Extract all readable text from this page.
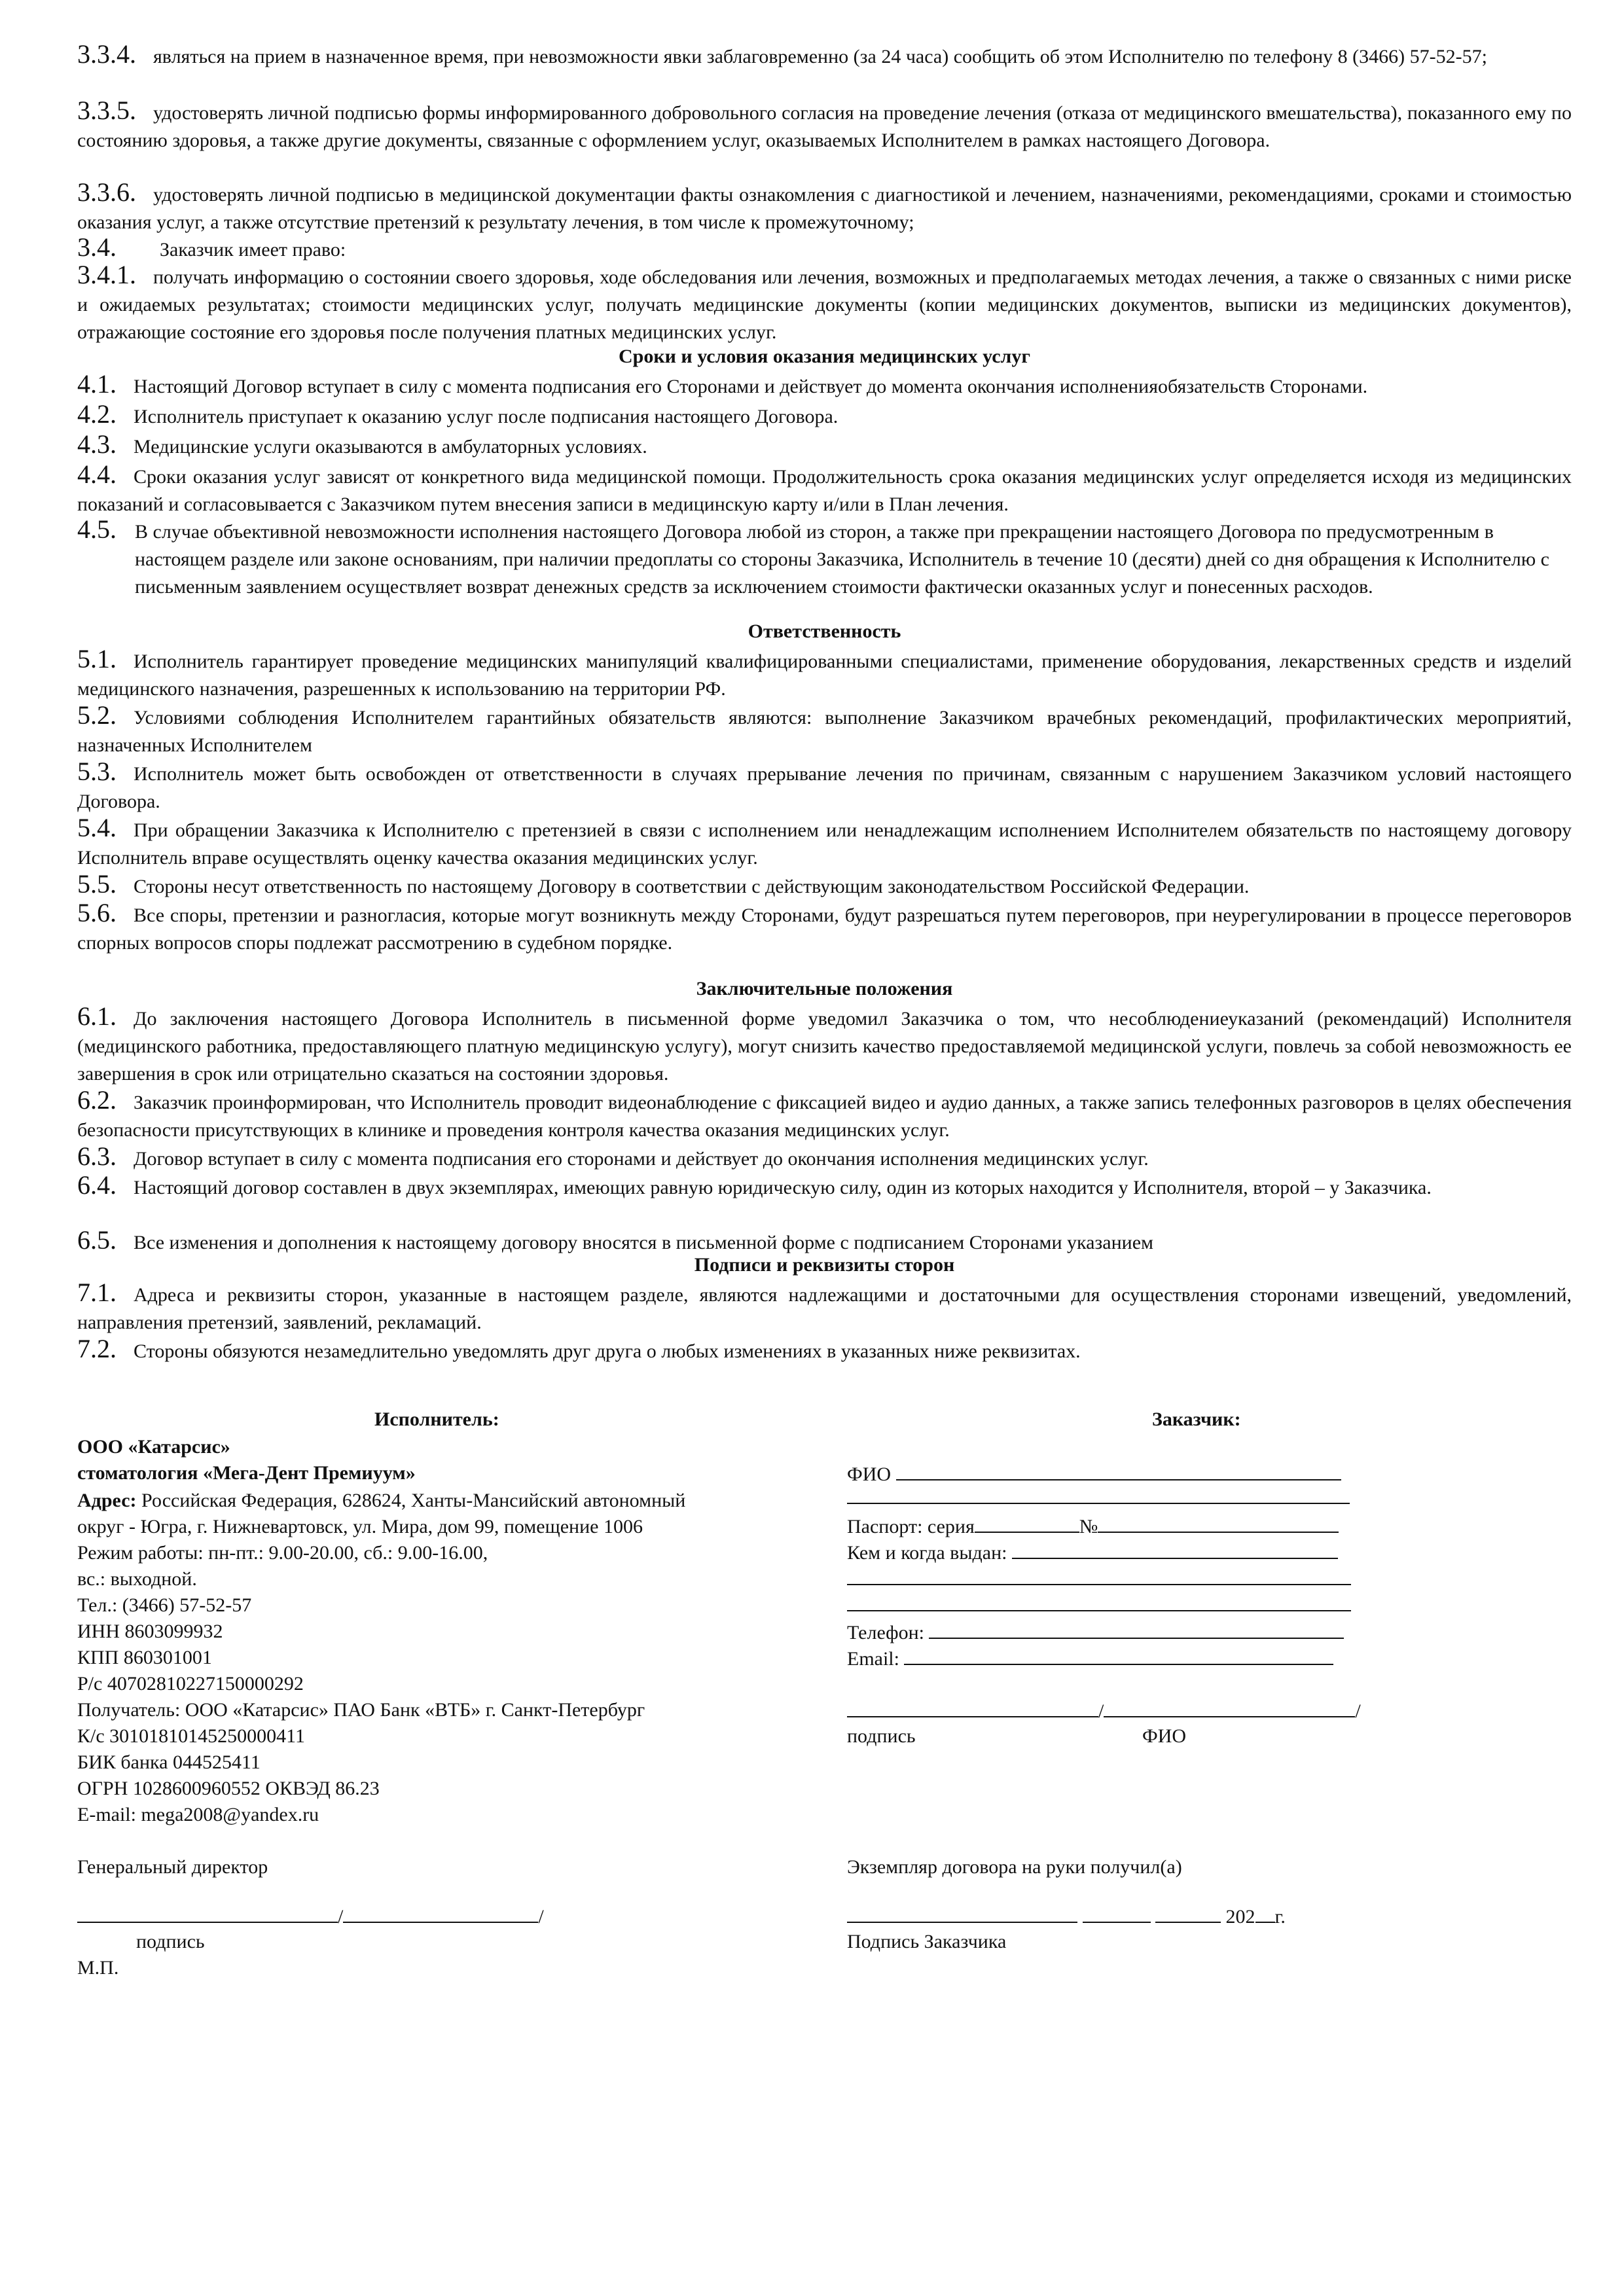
3.3.4. являться на прием в назначенное время, при невозможности явки заблаговременно (за 24 часа) сообщить об этом Исполнителю по телефону 8 (3466) 57-52-57;
3.3.5. удостоверять личной подписью формы информированного добровольного согласия на проведение лечения (отказа от медицинского вмешательства), показанного ему по состоянию здоровья, а также другие документы, связанные с оформлением услуг, оказываемых Исполнителем в рамках настоящего Договора.
3.3.6. удостоверять личной подписью в медицинской документации факты ознакомления с диагностикой и лечением, назначениями, рекомендациями, сроками и стоимостью оказания услуг, а также отсутствие претензий к результату лечения, в том числе к промежуточному;
3.4. Заказчик имеет право:
3.4.1. получать информацию о состоянии своего здоровья, ходе обследования или лечения, возможных и предполагаемых методах лечения, а также о связанных с ними риске и ожидаемых результатах; стоимости медицинских услуг, получать медицинские документы (копии медицинских документов, выписки из медицинских документов), отражающие состояние его здоровья после получения платных медицинских услуг.
Сроки и условия оказания медицинских услуг
4.1. Настоящий Договор вступает в силу с момента подписания его Сторонами и действует до момента окончания исполненияобязательств Сторонами.
4.2. Исполнитель приступает к оказанию услуг после подписания настоящего Договора.
4.3. Медицинские услуги оказываются в амбулаторных условиях.
4.4. Сроки оказания услуг зависят от конкретного вида медицинской помощи. Продолжительность срока оказания медицинских услуг определяется исходя из медицинских показаний и согласовывается с Заказчиком путем внесения записи в медицинскую карту и/или в План лечения.
4.5. В случае объективной невозможности исполнения настоящего Договора любой из сторон, а также при прекращении настоящего Договора по предусмотренным в настоящем разделе или законе основаниям, при наличии предоплаты со стороны Заказчика, Исполнитель в течение 10 (десяти) дней со дня обращения к Исполнителю с письменным заявлением осуществляет возврат денежных средств за исключением стоимости фактически оказанных услуг и понесенных расходов.
Ответственность
5.1. Исполнитель гарантирует проведение медицинских манипуляций квалифицированными специалистами, применение оборудования, лекарственных средств и изделий медицинского назначения, разрешенных к использованию на территории РФ.
5.2. Условиями соблюдения Исполнителем гарантийных обязательств являются: выполнение Заказчиком врачебных рекомендаций, профилактических мероприятий, назначенных Исполнителем
5.3. Исполнитель может быть освобожден от ответственности в случаях прерывание лечения по причинам, связанным с нарушением Заказчиком условий настоящего Договора.
5.4. При обращении Заказчика к Исполнителю с претензией в связи с исполнением или ненадлежащим исполнением Исполнителем обязательств по настоящему договору Исполнитель вправе осуществлять оценку качества оказания медицинских услуг.
5.5. Стороны несут ответственность по настоящему Договору в соответствии с действующим законодательством Российской Федерации.
5.6. Все споры, претензии и разногласия, которые могут возникнуть между Сторонами, будут разрешаться путем переговоров, при неурегулировании в процессе переговоров спорных вопросов споры подлежат рассмотрению в судебном порядке.
Заключительные положения
6.1. До заключения настоящего Договора Исполнитель в письменной форме уведомил Заказчика о том, что несоблюдениеуказаний (рекомендаций) Исполнителя (медицинского работника, предоставляющего платную медицинскую услугу), могут снизить качество предоставляемой медицинской услуги, повлечь за собой невозможность ее завершения в срок или отрицательно сказаться на состоянии здоровья.
6.2. Заказчик проинформирован, что Исполнитель проводит видеонаблюдение с фиксацией видео и аудио данных, а также запись телефонных разговоров в целях обеспечения безопасности присутствующих в клинике и проведения контроля качества оказания медицинских услуг.
6.3. Договор вступает в силу с момента подписания его сторонами и действует до окончания исполнения медицинских услуг.
6.4. Настоящий договор составлен в двух экземплярах, имеющих равную юридическую силу, один из которых находится у Исполнителя, второй – у Заказчика.
6.5. Все изменения и дополнения к настоящему договору вносятся в письменной форме с подписанием Сторонами указанием
Подписи и реквизиты сторон
7.1. Адреса и реквизиты сторон, указанные в настоящем разделе, являются надлежащими и достаточными для осуществления сторонами извещений, уведомлений, направления претензий, заявлений, рекламаций.
7.2. Стороны обязуются незамедлительно уведомлять друг друга о любых изменениях в указанных ниже реквизитах.
Исполнитель:
ООО «Катарсис»
стоматология «Мега-Дент Премиуум»
Адрес: Российская Федерация, 628624, Ханты-Мансийский автономный
округ - Югра, г. Нижневартовск, ул. Мира, дом 99, помещение 1006
Режим работы: пн-пт.: 9.00-20.00, сб.: 9.00-16.00,
вс.: выходной.
Тел.: (3466) 57-52-57
ИНН 8603099932
КПП 860301001
Р/с 40702810227150000292
Получатель: ООО «Катарсис» ПАО Банк «ВТБ» г. Санкт-Петербург
К/с 30101810145250000411
БИК банка 044525411
ОГРН 1028600960552 ОКВЭД 86.23
E-mail: mega2008@yandex.ru
Генеральный директор
/	/
подпись
М.П.
Заказчик:
ФИО
Паспорт: серия	№
Кем и когда выдан:
Телефон:
Email:
/	/
подпись	ФИО
Экземпляр договора на руки получил(а)
202 г.
Подпись Заказчика
